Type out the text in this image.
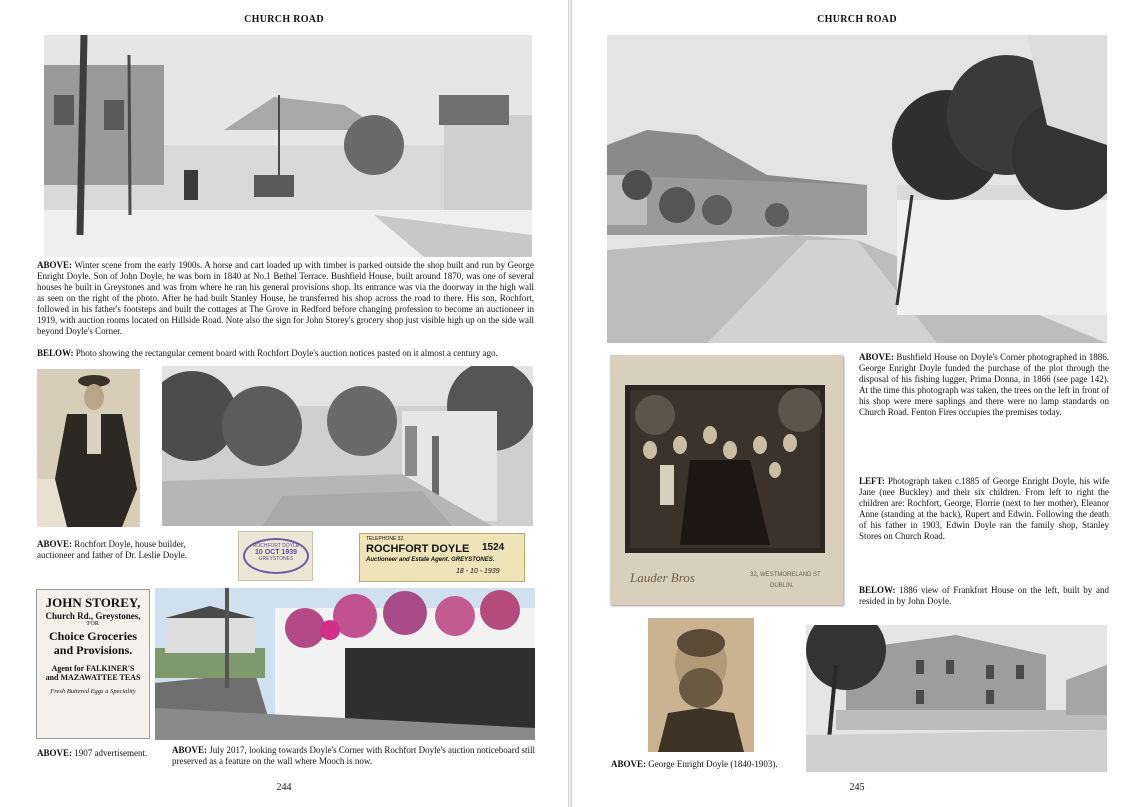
CHURCH ROAD
ABOVE: Winter scene from the early 1900s. A horse and cart loaded up with timber is parked outside the shop built and run by George Enright Doyle. Son of John Doyle, he was born in 1840 at No.1 Bethel Terrace. Bushfield House, built around 1870, was one of several houses he built in Greystones and was from where he ran his general provisions shop. Its entrance was via the doorway in the high wall as seen on the right of the photo. After he had built Stanley House, he transferred his shop across the road to there. His son, Rochfort, followed in his father's footsteps and built the cottages at The Grove in Redford before changing profession to become an auctioneer in 1919, with auction rooms located on Hillside Road. Note also the sign for John Storey's grocery shop just visible high up on the side wall beyond Doyle's Corner.
BELOW: Photo showing the rectangular cement board with Rochfort Doyle's auction notices pasted on it almost a century ago.
ABOVE: Rochfort Doyle, house builder, auctioneer and father of Dr. Leslie Doyle.
ROCHFORT DOYLE
10 OCT 1939
GREYSTONES
TELEPHONE 32.
ROCHFORT DOYLE 1524
Auctioneer and Estate Agent. GREYSTONES.
18 - 10 - 1939
JOHN STOREY,
Church Rd., Greystones,
FOR
Choice Groceries
and Provisions.
Agent for FALKINER'S
and MAZAWATTEE TEAS
Fresh Buttered Eggs a Speciality
ABOVE: 1907 advertisement.	ABOVE: July 2017, looking towards Doyle's Corner with Rochfort Doyle's auction noticeboard still preserved as a feature on the wall where Mooch is now.
244
CHURCH ROAD
ABOVE: Bushfield House on Doyle's Corner photographed in 1886. George Enright Doyle funded the purchase of the plot through the disposal of his fishing lugger, Prima Donna, in 1866 (see page 142). At the time this photograph was taken, the trees on the left in front of his shop were mere saplings and there were no lamp standards on Church Road. Fenton Fires occupies the premises today.
Lauder Bros	32, WESTMORELAND ST
DUBLIN.
LEFT: Photograph taken c.1885 of George Enright Doyle, his wife Jane (nee Buckley) and their six children. From left to right the children are: Rochfort, George, Florrie (next to her mother), Eleanor Anne (standing at the back), Rupert and Edwin. Following the death of his father in 1903, Edwin Doyle ran the family shop, Stanley Stores on Church Road.
BELOW: 1886 view of Frankfort House on the left, built by and resided in by John Doyle.
ABOVE: George Enright Doyle (1840-1903).
245
